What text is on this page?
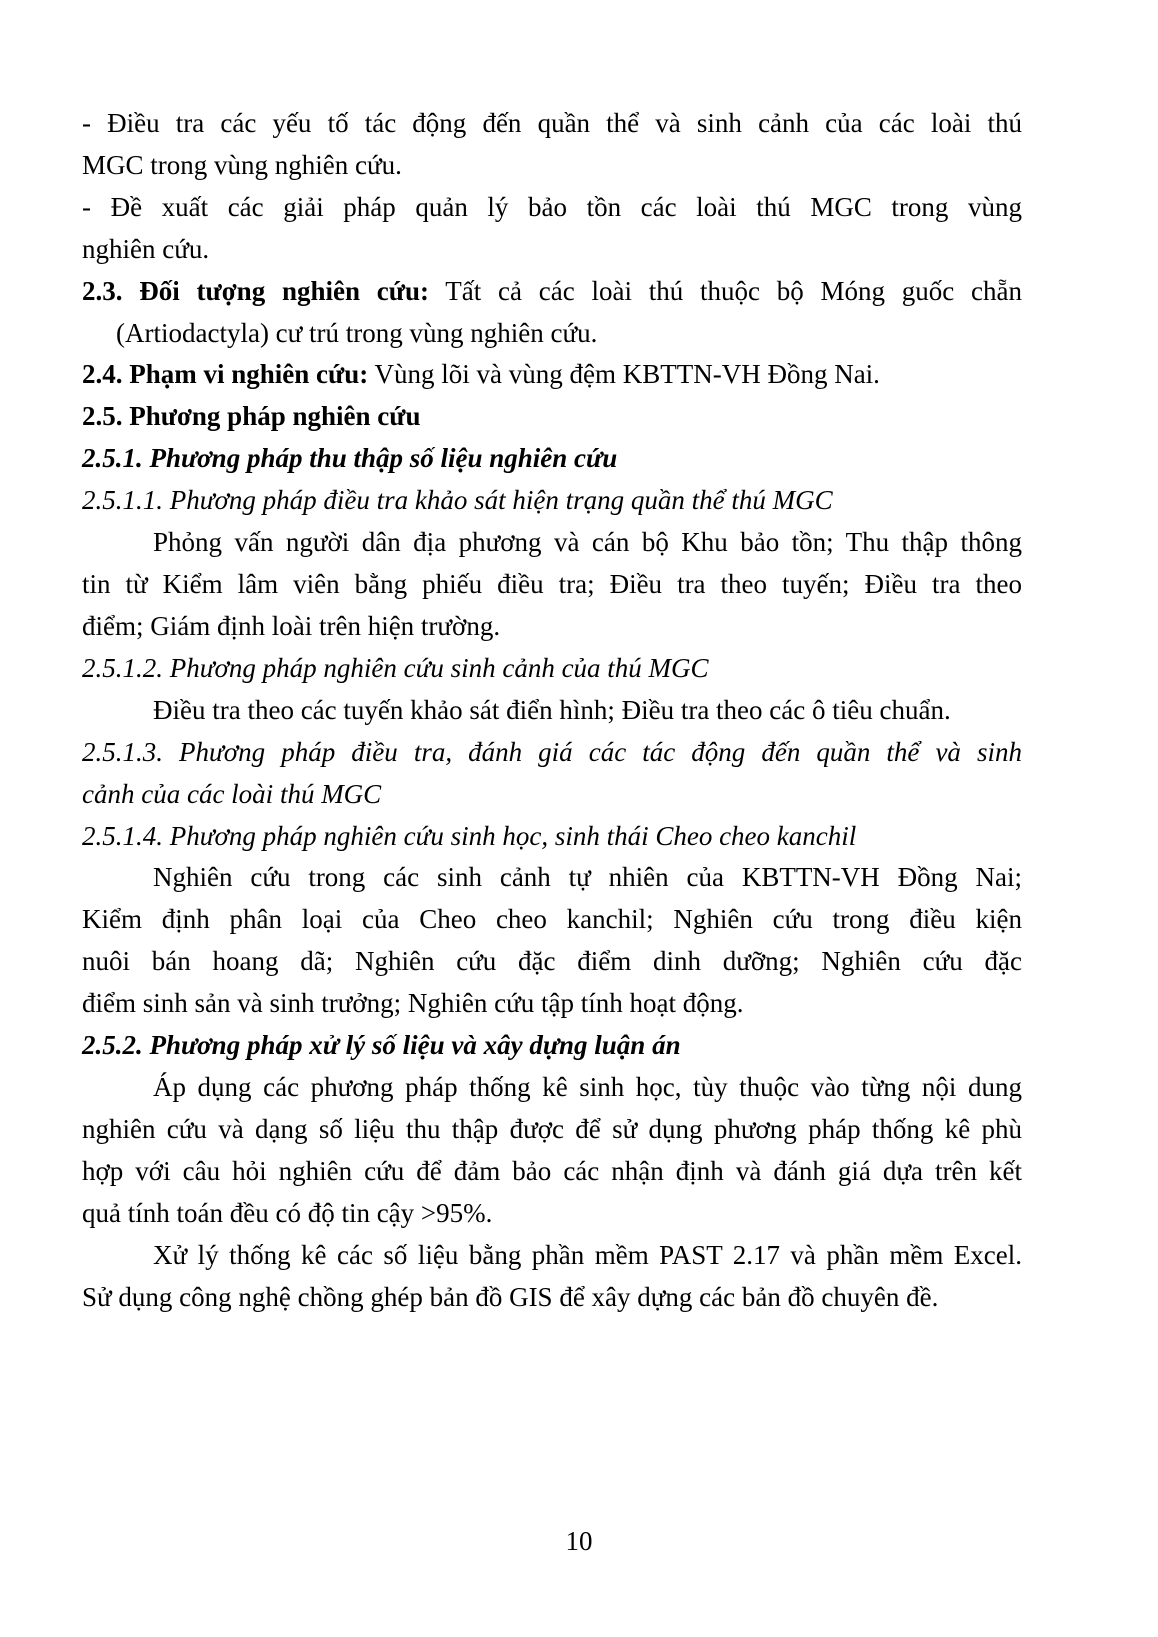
- Điều tra các yếu tố tác động đến quần thể và sinh cảnh của các loài thú
MGC trong vùng nghiên cứu.
- Đề xuất các giải pháp quản lý bảo tồn các loài thú MGC trong vùng
nghiên cứu.
2.3. Đối tượng nghiên cứu: Tất cả các loài thú thuộc bộ Móng guốc chẵn
(Artiodactyla) cư trú trong vùng nghiên cứu.
2.4. Phạm vi nghiên cứu: Vùng lõi và vùng đệm KBTTN-VH Đồng Nai.
2.5. Phương pháp nghiên cứu
2.5.1. Phương pháp thu thập số liệu nghiên cứu
2.5.1.1. Phương pháp điều tra khảo sát hiện trạng quần thể thú MGC
Phỏng vấn người dân địa phương và cán bộ Khu bảo tồn; Thu thập thông
tin từ Kiểm lâm viên bằng phiếu điều tra; Điều tra theo tuyến; Điều tra theo
điểm; Giám định loài trên hiện trường.
2.5.1.2. Phương pháp nghiên cứu sinh cảnh của thú MGC
Điều tra theo các tuyến khảo sát điển hình; Điều tra theo các ô tiêu chuẩn.
2.5.1.3. Phương pháp điều tra, đánh giá các tác động đến quần thể và sinh
cảnh của các loài thú MGC
2.5.1.4. Phương pháp nghiên cứu sinh học, sinh thái Cheo cheo kanchil
Nghiên cứu trong các sinh cảnh tự nhiên của KBTTN-VH Đồng Nai;
Kiểm định phân loại của Cheo cheo kanchil; Nghiên cứu trong điều kiện
nuôi bán hoang dã; Nghiên cứu đặc điểm dinh dưỡng; Nghiên cứu đặc
điểm sinh sản và sinh trưởng; Nghiên cứu tập tính hoạt động.
2.5.2. Phương pháp xử lý số liệu và xây dựng luận án
Áp dụng các phương pháp thống kê sinh học, tùy thuộc vào từng nội dung
nghiên cứu và dạng số liệu thu thập được để sử dụng phương pháp thống kê phù
hợp với câu hỏi nghiên cứu để đảm bảo các nhận định và đánh giá dựa trên kết
quả tính toán đều có độ tin cậy >95%.
Xử lý thống kê các số liệu bằng phần mềm PAST 2.17 và phần mềm Excel.
Sử dụng công nghệ chồng ghép bản đồ GIS để xây dựng các bản đồ chuyên đề.
10
